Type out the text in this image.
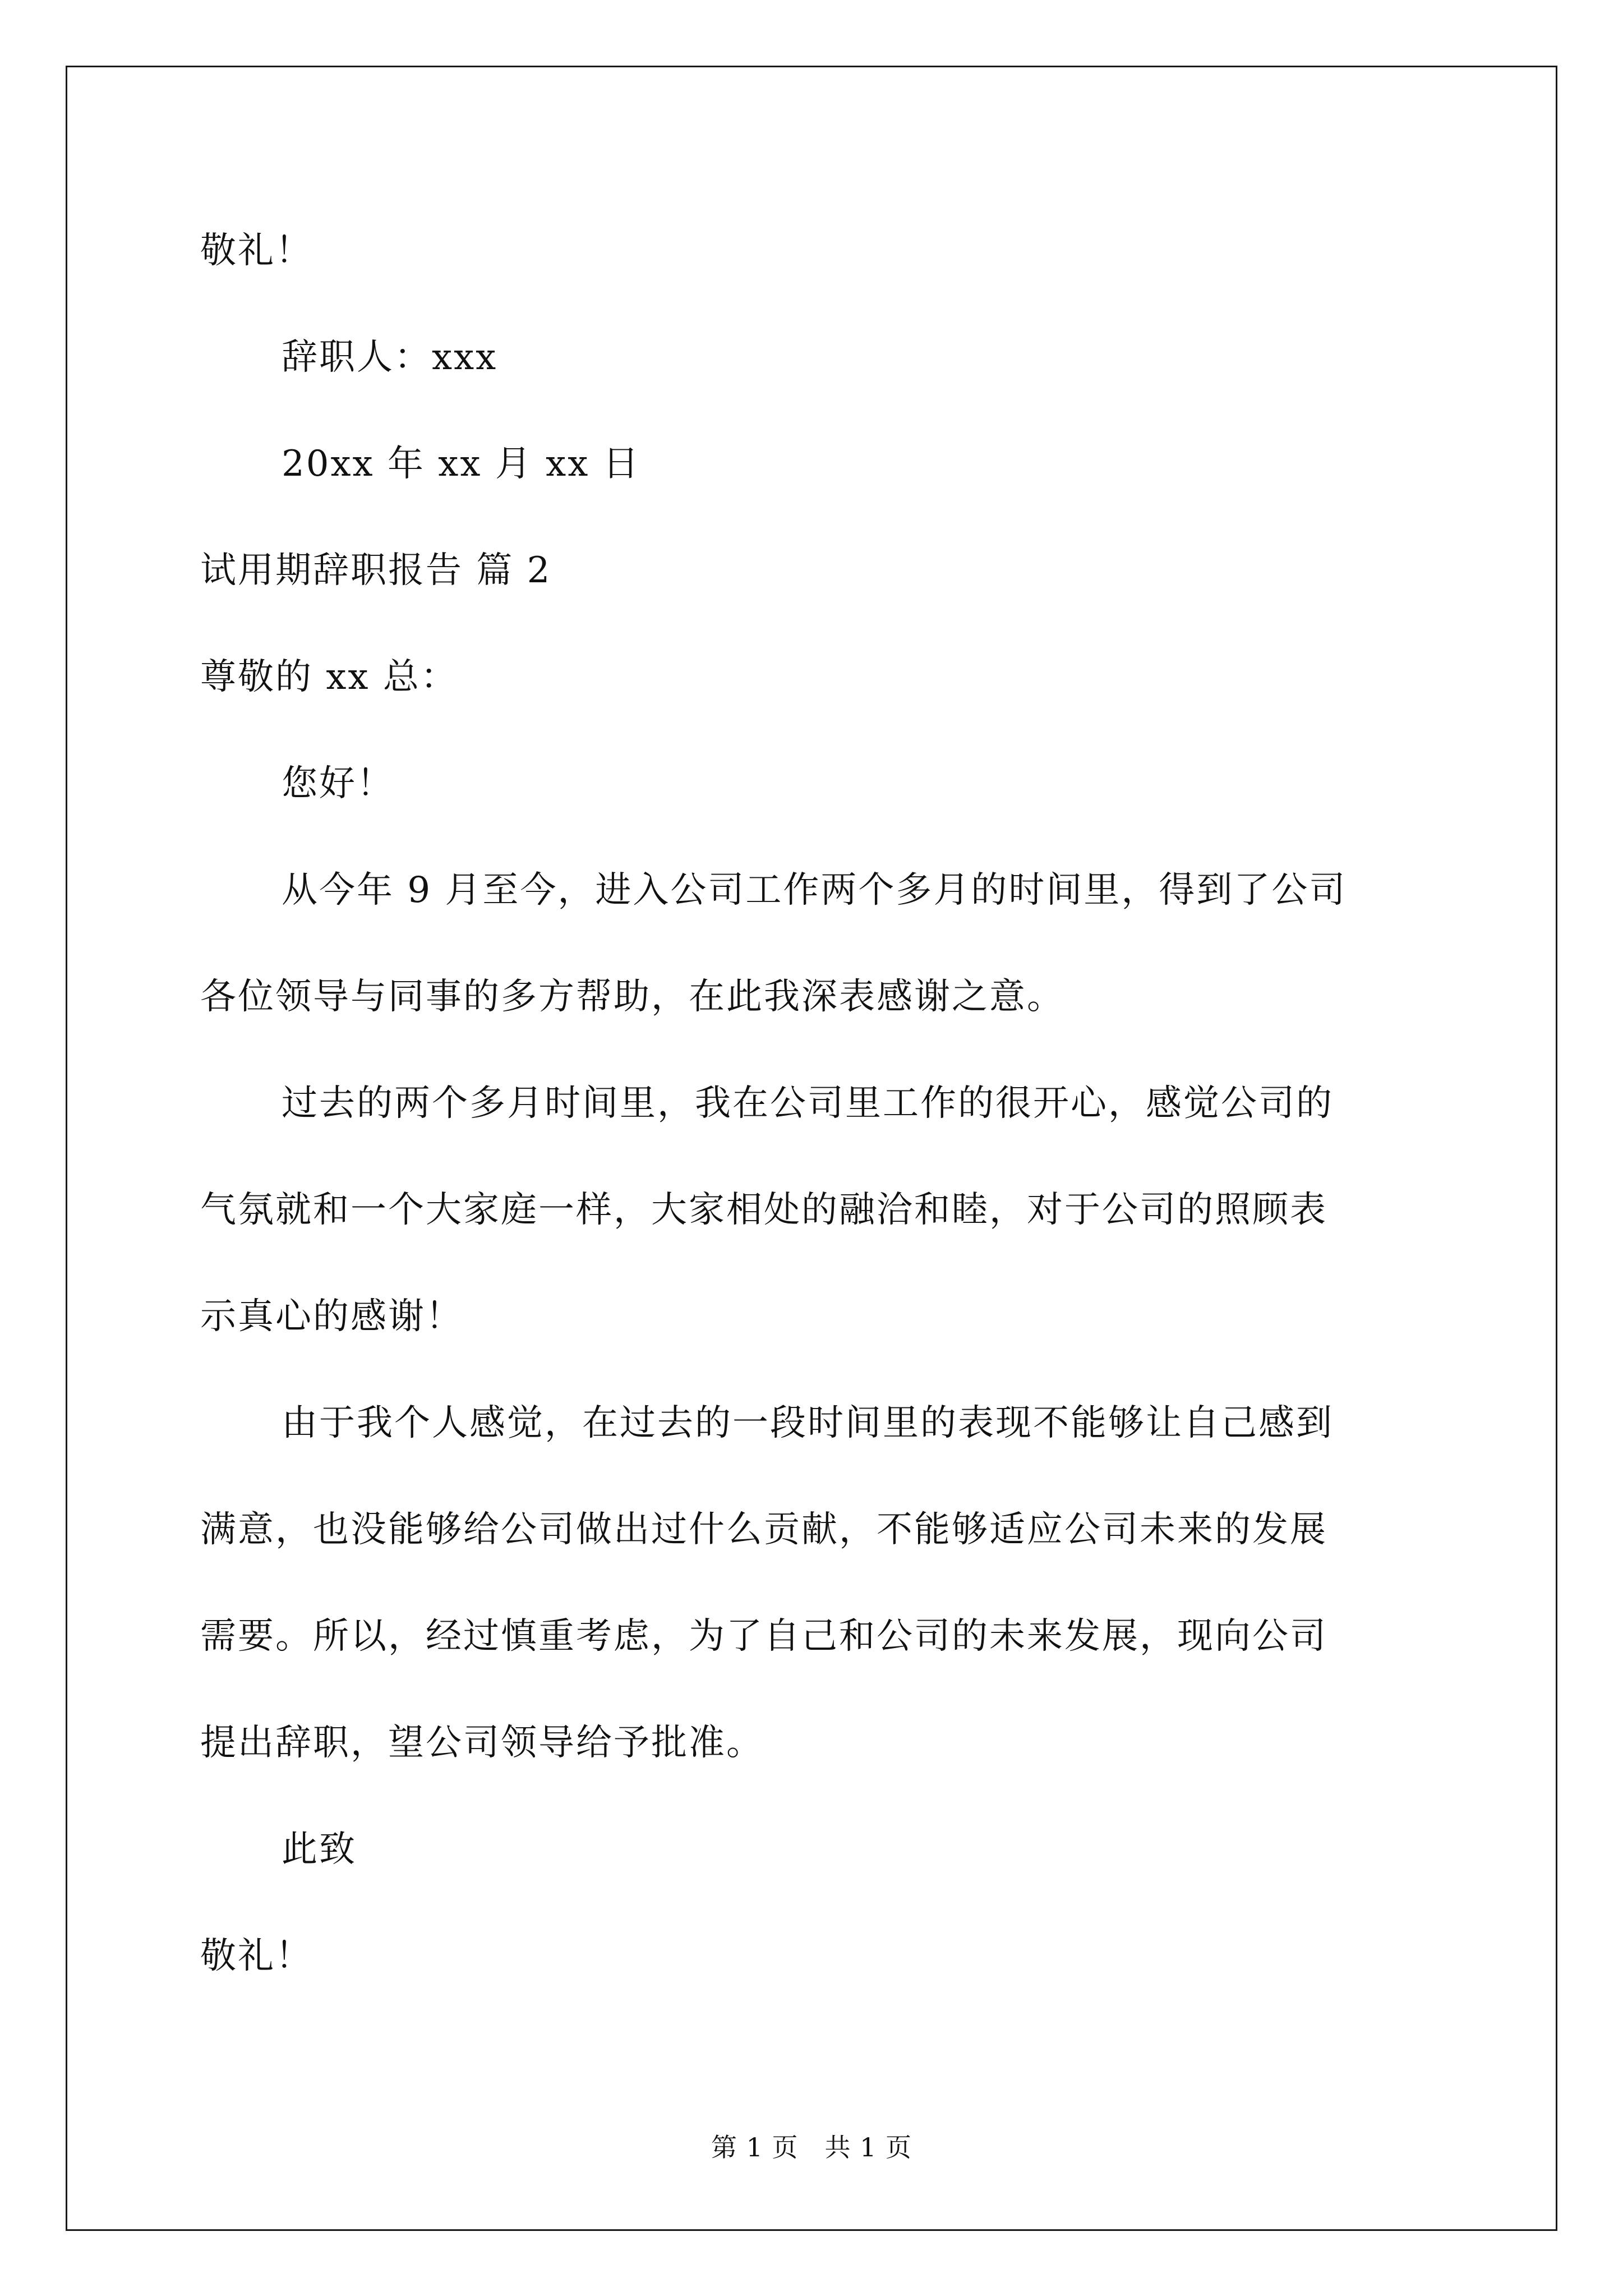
敬礼！
辞职人：xxx
20xx 年 xx 月 xx 日
试用期辞职报告 篇 2
尊敬的 xx 总：
您好！
从今年 9 月至今，进入公司工作两个多月的时间里，得到了公司
各位领导与同事的多方帮助，在此我深表感谢之意。
过去的两个多月时间里，我在公司里工作的很开心，感觉公司的
气氛就和一个大家庭一样，大家相处的融洽和睦，对于公司的照顾表
示真心的感谢！
由于我个人感觉，在过去的一段时间里的表现不能够让自己感到
满意，也没能够给公司做出过什么贡献，不能够适应公司未来的发展
需要。所以，经过慎重考虑，为了自己和公司的未来发展，现向公司
提出辞职，望公司领导给予批准。
此致
敬礼！
第 1 页　共 1 页
